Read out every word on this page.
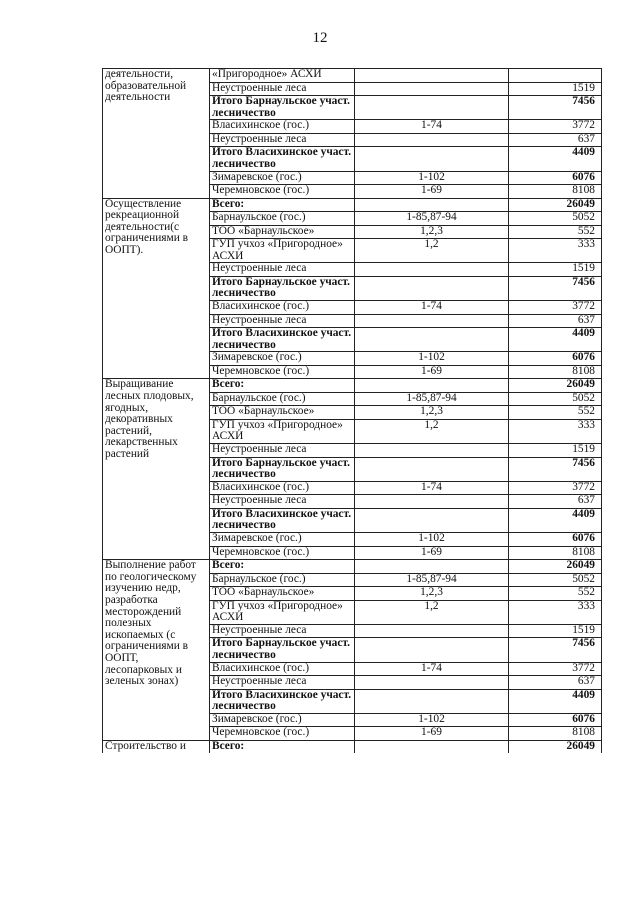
12
деятельности, образовательной деятельности	«Пригородное» АСХИ		
	Неустроенные леса		1519
	Итого Барнаульское участ. лесничество		7456
	Власихинское (гос.)	1-74	3772
	Неустроенные леса		637
	Итого Власихинское участ. лесничество		4409
	Зимаревское (гос.)	1-102	6076
	Черемновское (гос.)	1-69	8108
Осуществление рекреационной деятельности(с ограничениями в ООПТ).	Всего:		26049
	Барнаульское (гос.)	1-85,87-94	5052
	ТОО «Барнаульское»	1,2,3	552
	ГУП учхоз «Пригородное» АСХИ	1,2	333
	Неустроенные леса		1519
	Итого Барнаульское участ. лесничество		7456
	Власихинское (гос.)	1-74	3772
	Неустроенные леса		637
	Итого Власихинское участ. лесничество		4409
	Зимаревское (гос.)	1-102	6076
	Черемновское (гос.)	1-69	8108
Выращивание лесных плодовых, ягодных, декоративных растений, лекарственных растений	Всего:		26049
	Барнаульское (гос.)	1-85,87-94	5052
	ТОО «Барнаульское»	1,2,3	552
	ГУП учхоз «Пригородное» АСХИ	1,2	333
	Неустроенные леса		1519
	Итого Барнаульское участ. лесничество		7456
	Власихинское (гос.)	1-74	3772
	Неустроенные леса		637
	Итого Власихинское участ. лесничество		4409
	Зимаревское (гос.)	1-102	6076
	Черемновское (гос.)	1-69	8108
Выполнение работ по геологическому изучению недр, разработка месторождений полезных ископаемых (с ограничениями в ООПТ, лесопарковых и зеленых зонах)	Всего:		26049
	Барнаульское (гос.)	1-85,87-94	5052
	ТОО «Барнаульское»	1,2,3	552
	ГУП учхоз «Пригородное» АСХИ	1,2	333
	Неустроенные леса		1519
	Итого Барнаульское участ. лесничество		7456
	Власихинское (гос.)	1-74	3772
	Неустроенные леса		637
	Итого Власихинское участ. лесничество		4409
	Зимаревское (гос.)	1-102	6076
	Черемновское (гос.)	1-69	8108
Строительство и	Всего:		26049
